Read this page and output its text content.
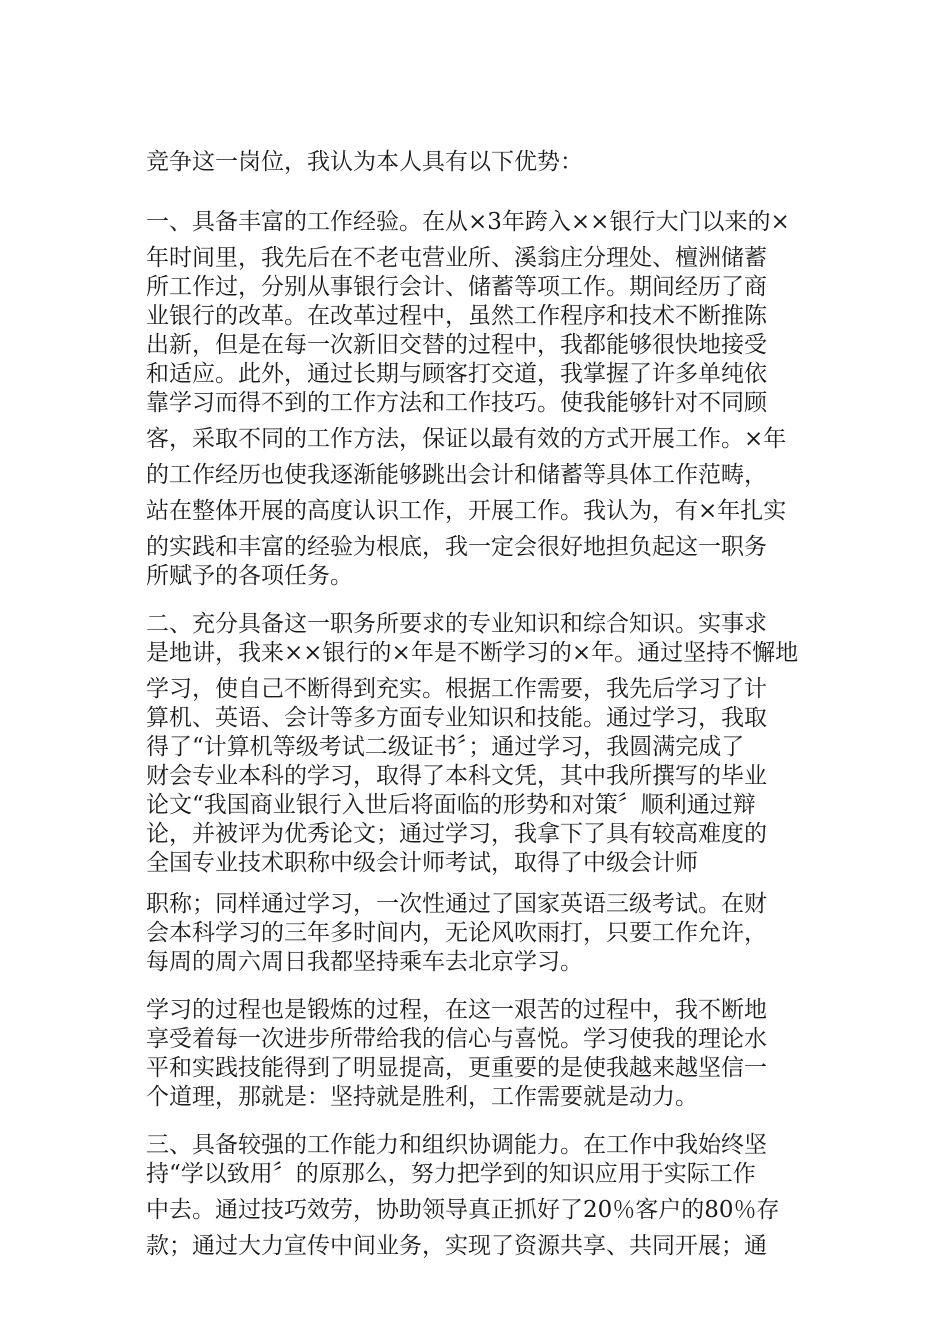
竞争这一岗位，我认为本人具有以下优势：

一、具备丰富的工作经验。在从×3年跨入××银行大门以来的×

年时间里，我先后在不老屯营业所、溪翁庄分理处、檀洲储蓄

所工作过，分别从事银行会计、储蓄等项工作。期间经历了商

业银行的改革。在改革过程中，虽然工作程序和技术不断推陈

出新，但是在每一次新旧交替的过程中，我都能够很快地接受

和适应。此外，通过长期与顾客打交道，我掌握了许多单纯依

靠学习而得不到的工作方法和工作技巧。使我能够针对不同顾

客，采取不同的工作方法，保证以最有效的方式开展工作。×年

的工作经历也使我逐渐能够跳出会计和储蓄等具体工作范畴，

站在整体开展的高度认识工作，开展工作。我认为，有×年扎实

的实践和丰富的经验为根底，我一定会很好地担负起这一职务

所赋予的各项任务。

二、充分具备这一职务所要求的专业知识和综合知识。实事求

是地讲，我来××银行的×年是不断学习的×年。通过坚持不懈地

学习，使自己不断得到充实。根据工作需要，我先后学习了计

算机、英语、会计等多方面专业知识和技能。通过学习，我取

得了“计算机等级考试二级证书〞；通过学习，我圆满完成了

财会专业本科的学习，取得了本科文凭，其中我所撰写的毕业

论文“我国商业银行入世后将面临的形势和对策〞顺利通过辩

论，并被评为优秀论文；通过学习，我拿下了具有较高难度的

全国专业技术职称中级会计师考试，取得了中级会计师

职称；同样通过学习，一次性通过了国家英语三级考试。在财

会本科学习的三年多时间内，无论风吹雨打，只要工作允许，

每周的周六周日我都坚持乘车去北京学习。

学习的过程也是锻炼的过程，在这一艰苦的过程中，我不断地

享受着每一次进步所带给我的信心与喜悦。学习使我的理论水

平和实践技能得到了明显提高，更重要的是使我越来越坚信一

个道理，那就是：坚持就是胜利，工作需要就是动力。

三、具备较强的工作能力和组织协调能力。在工作中我始终坚

持“学以致用〞的原那么，努力把学到的知识应用于实际工作

中去。通过技巧效劳，协助领导真正抓好了20％客户的80％存

款；通过大力宣传中间业务，实现了资源共享、共同开展；通
